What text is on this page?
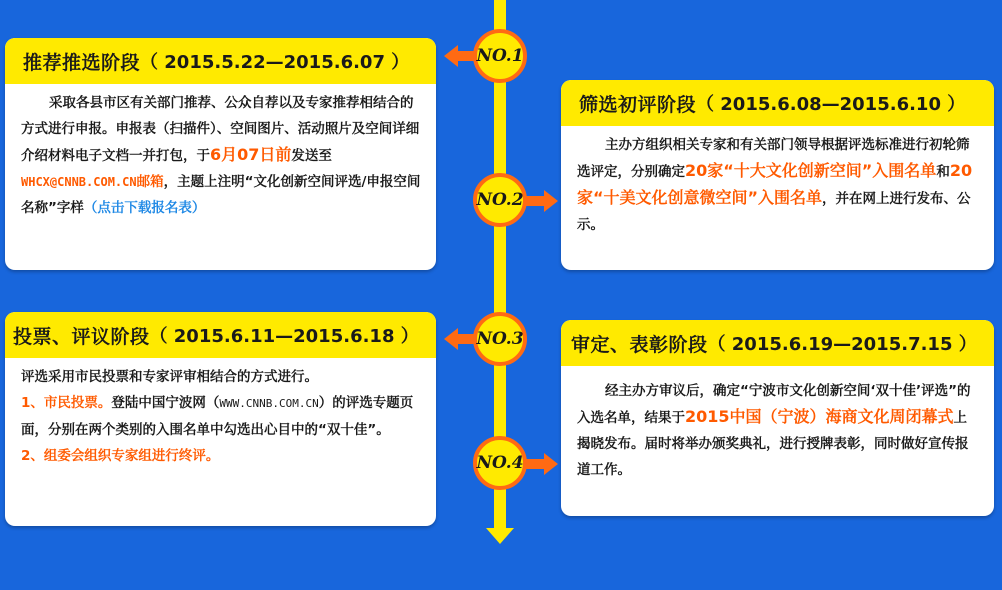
推荐推选阶段 （ 2015.5.22—2015.6.07 ）
采取各县市区有关部门推荐、公众自荐以及专家推荐相结合的方式进行申报。申报表（扫描件）、空间图片、活动照片及空间详细介绍材料电子文档一并打包，于6月07日前发送至WHCX@CNNB.COM.CN邮箱，主题上注明“文化创新空间评选/申报空间名称”字样（点击下载报名表）
筛选初评阶段 （ 2015.6.08—2015.6.10 ）
主办方组织相关专家和有关部门领导根据评选标准进行初轮筛选评定，分别确定20家“十大文化创新空间”入围名单和20家“十美文化创意微空间”入围名单，并在网上进行发布、公示。
投票、评议阶段 （ 2015.6.11—2015.6.18 ）
评选采用市民投票和专家评审相结合的方式进行。
1、市民投票。登陆中国宁波网（WWW.CNNB.COM.CN）的评选专题页面，分别在两个类别的入围名单中勾选出心目中的“双十佳”。
2、组委会组织专家组进行终评。
审定、表彰阶段 （ 2015.6.19—2015.7.15 ）
经主办方审议后，确定“宁波市文化创新空间‘双十佳’评选”的入选名单，结果于2015中国（宁波）海商文化周闭幕式上揭晓发布。届时将举办颁奖典礼，进行授牌表彰，同时做好宣传报道工作。
NO.1
NO.2
NO.3
NO.4
